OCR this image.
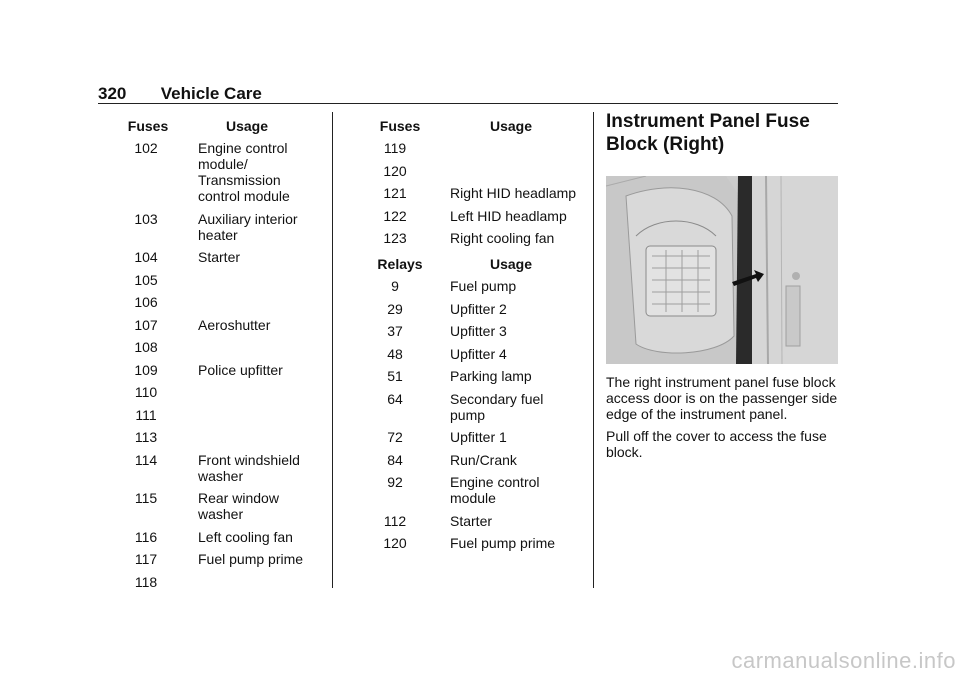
320 Vehicle Care
Fuses	Usage
102	Engine control module/ Transmission control module
103	Auxiliary interior heater
104	Starter
105
106
107	Aeroshutter
108
109	Police upfitter
110
111
113
114	Front windshield washer
115	Rear window washer
116	Left cooling fan
117	Fuel pump prime
118
Fuses	Usage
119
120
121	Right HID headlamp
122	Left HID headlamp
123	Right cooling fan
Relays	Usage
9	Fuel pump
29	Upfitter 2
37	Upfitter 3
48	Upfitter 4
51	Parking lamp
64	Secondary fuel pump
72	Upfitter 1
84	Run/Crank
92	Engine control module
112	Starter
120	Fuel pump prime
Instrument Panel Fuse Block (Right)

The right instrument panel fuse block access door is on the passenger side edge of the instrument panel.

Pull off the cover to access the fuse block.

carmanualsonline.info
